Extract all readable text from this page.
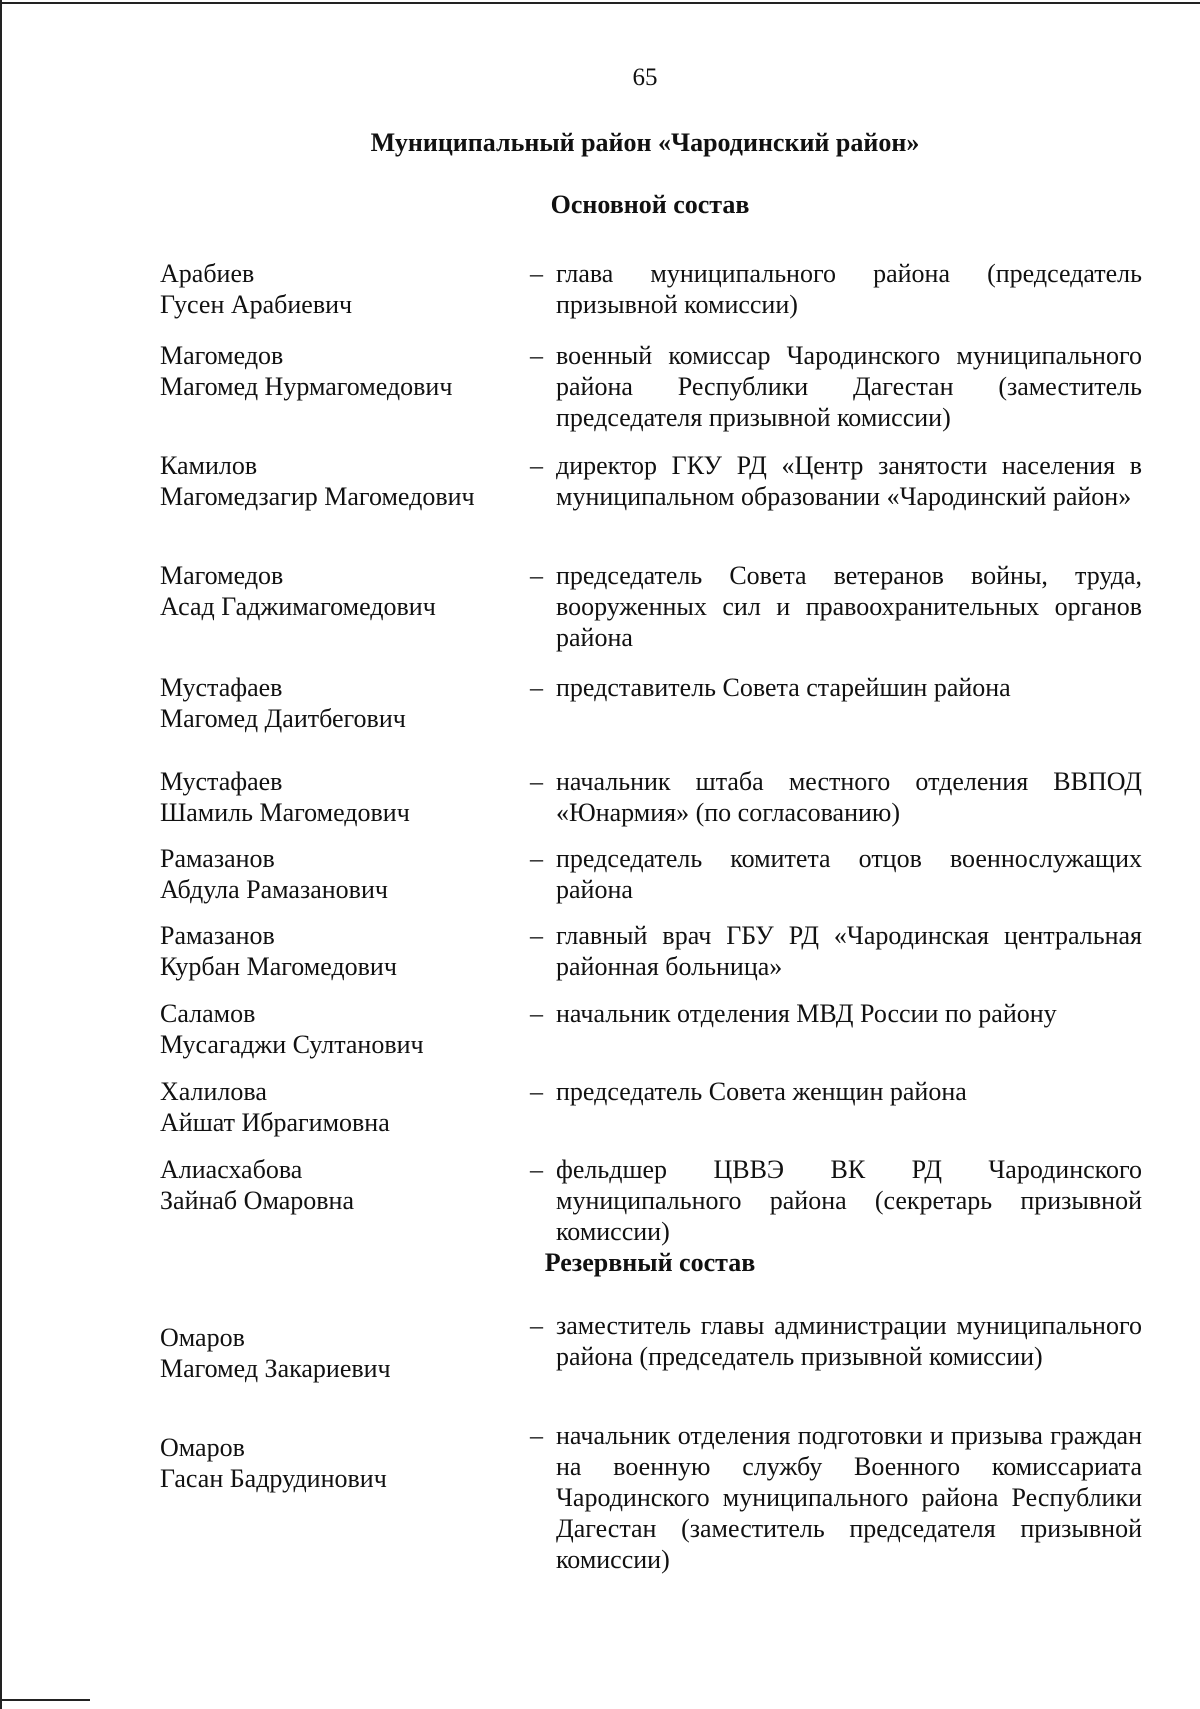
65
Муниципальный район «Чародинский район»
Основной состав
Арабиев
Гусен Арабиевич
– глава муниципального района (председатель призывной комиссии)
Магомедов
Магомед Нурмагомедович
– военный комиссар Чародинского муниципального района Республики Дагестан (заместитель председателя призывной комиссии)
Камилов
Магомедзагир Магомедович
– директор ГКУ РД «Центр занятости населения в муниципальном образовании «Чародинский район»
Магомедов
Асад Гаджимагомедович
– председатель Совета ветеранов войны, труда, вооруженных сил и правоохранительных органов района
Мустафаев
Магомед Даитбегович
– представитель Совета старейшин района
Мустафаев
Шамиль Магомедович
– начальник штаба местного отделения ВВПОД «Юнармия» (по согласованию)
Рамазанов
Абдула Рамазанович
– председатель комитета отцов военнослужащих района
Рамазанов
Курбан Магомедович
– главный врач ГБУ РД «Чародинская центральная районная больница»
Саламов
Мусагаджи Султанович
– начальник отделения МВД России по району
Халилова
Айшат Ибрагимовна
– председатель Совета женщин района
Алиасхабова
Зайнаб Омаровна
– фельдшер ЦВВЭ ВК РД Чародинского муниципального района (секретарь призывной комиссии)
Резервный состав
Омаров
Магомед Закариевич
– заместитель главы администрации муниципального района (председатель призывной комиссии)
Омаров
Гасан Бадрудинович
– начальник отделения подготовки и призыва граждан на военную службу Военного комиссариата Чародинского муниципального района Республики Дагестан (заместитель председателя призывной комиссии)
